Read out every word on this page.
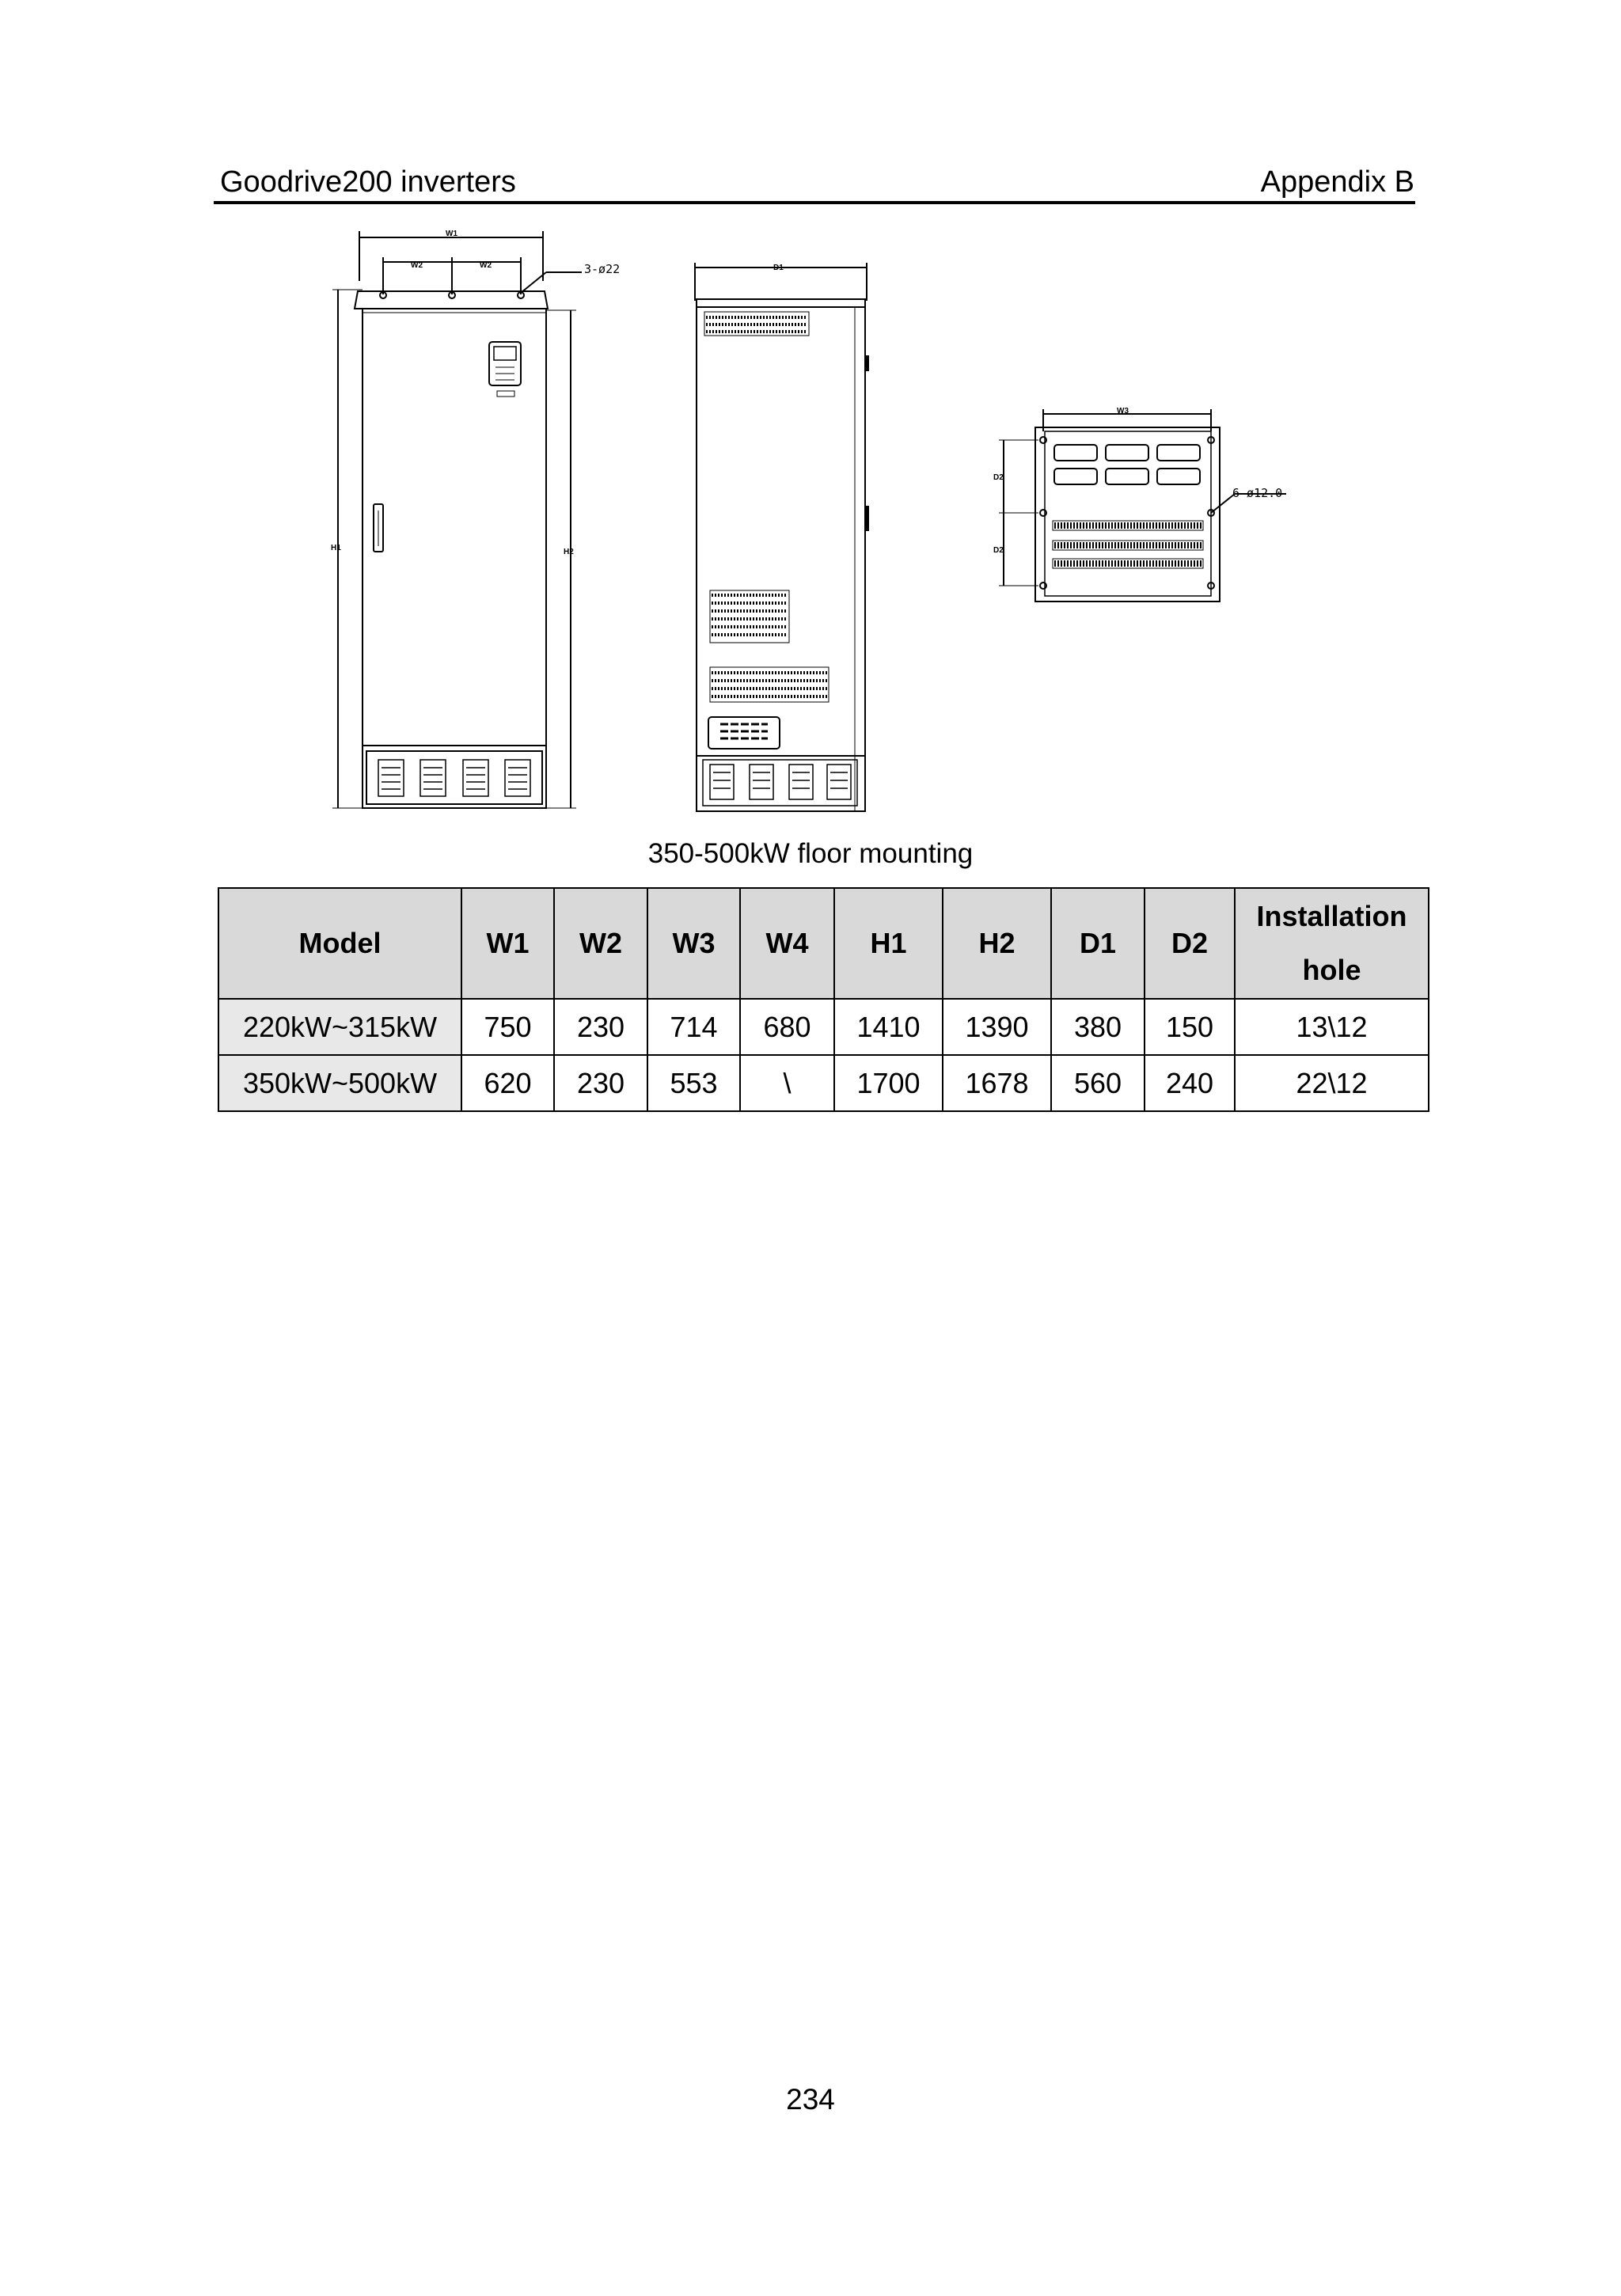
Goodrive200 inverters	Appendix B
W1
W2	W2	3-ø22
H1	H2
D1
W3
D2
D2
6-ø12.0
350-500kW floor mounting
Model	W1	W2	W3	W4	H1	H2	D1	D2	Installation
hole
220kW~315kW	750	230	714	680	1410	1390	380	150	13\12
350kW~500kW	620	230	553	\	1700	1678	560	240	22\12
234
